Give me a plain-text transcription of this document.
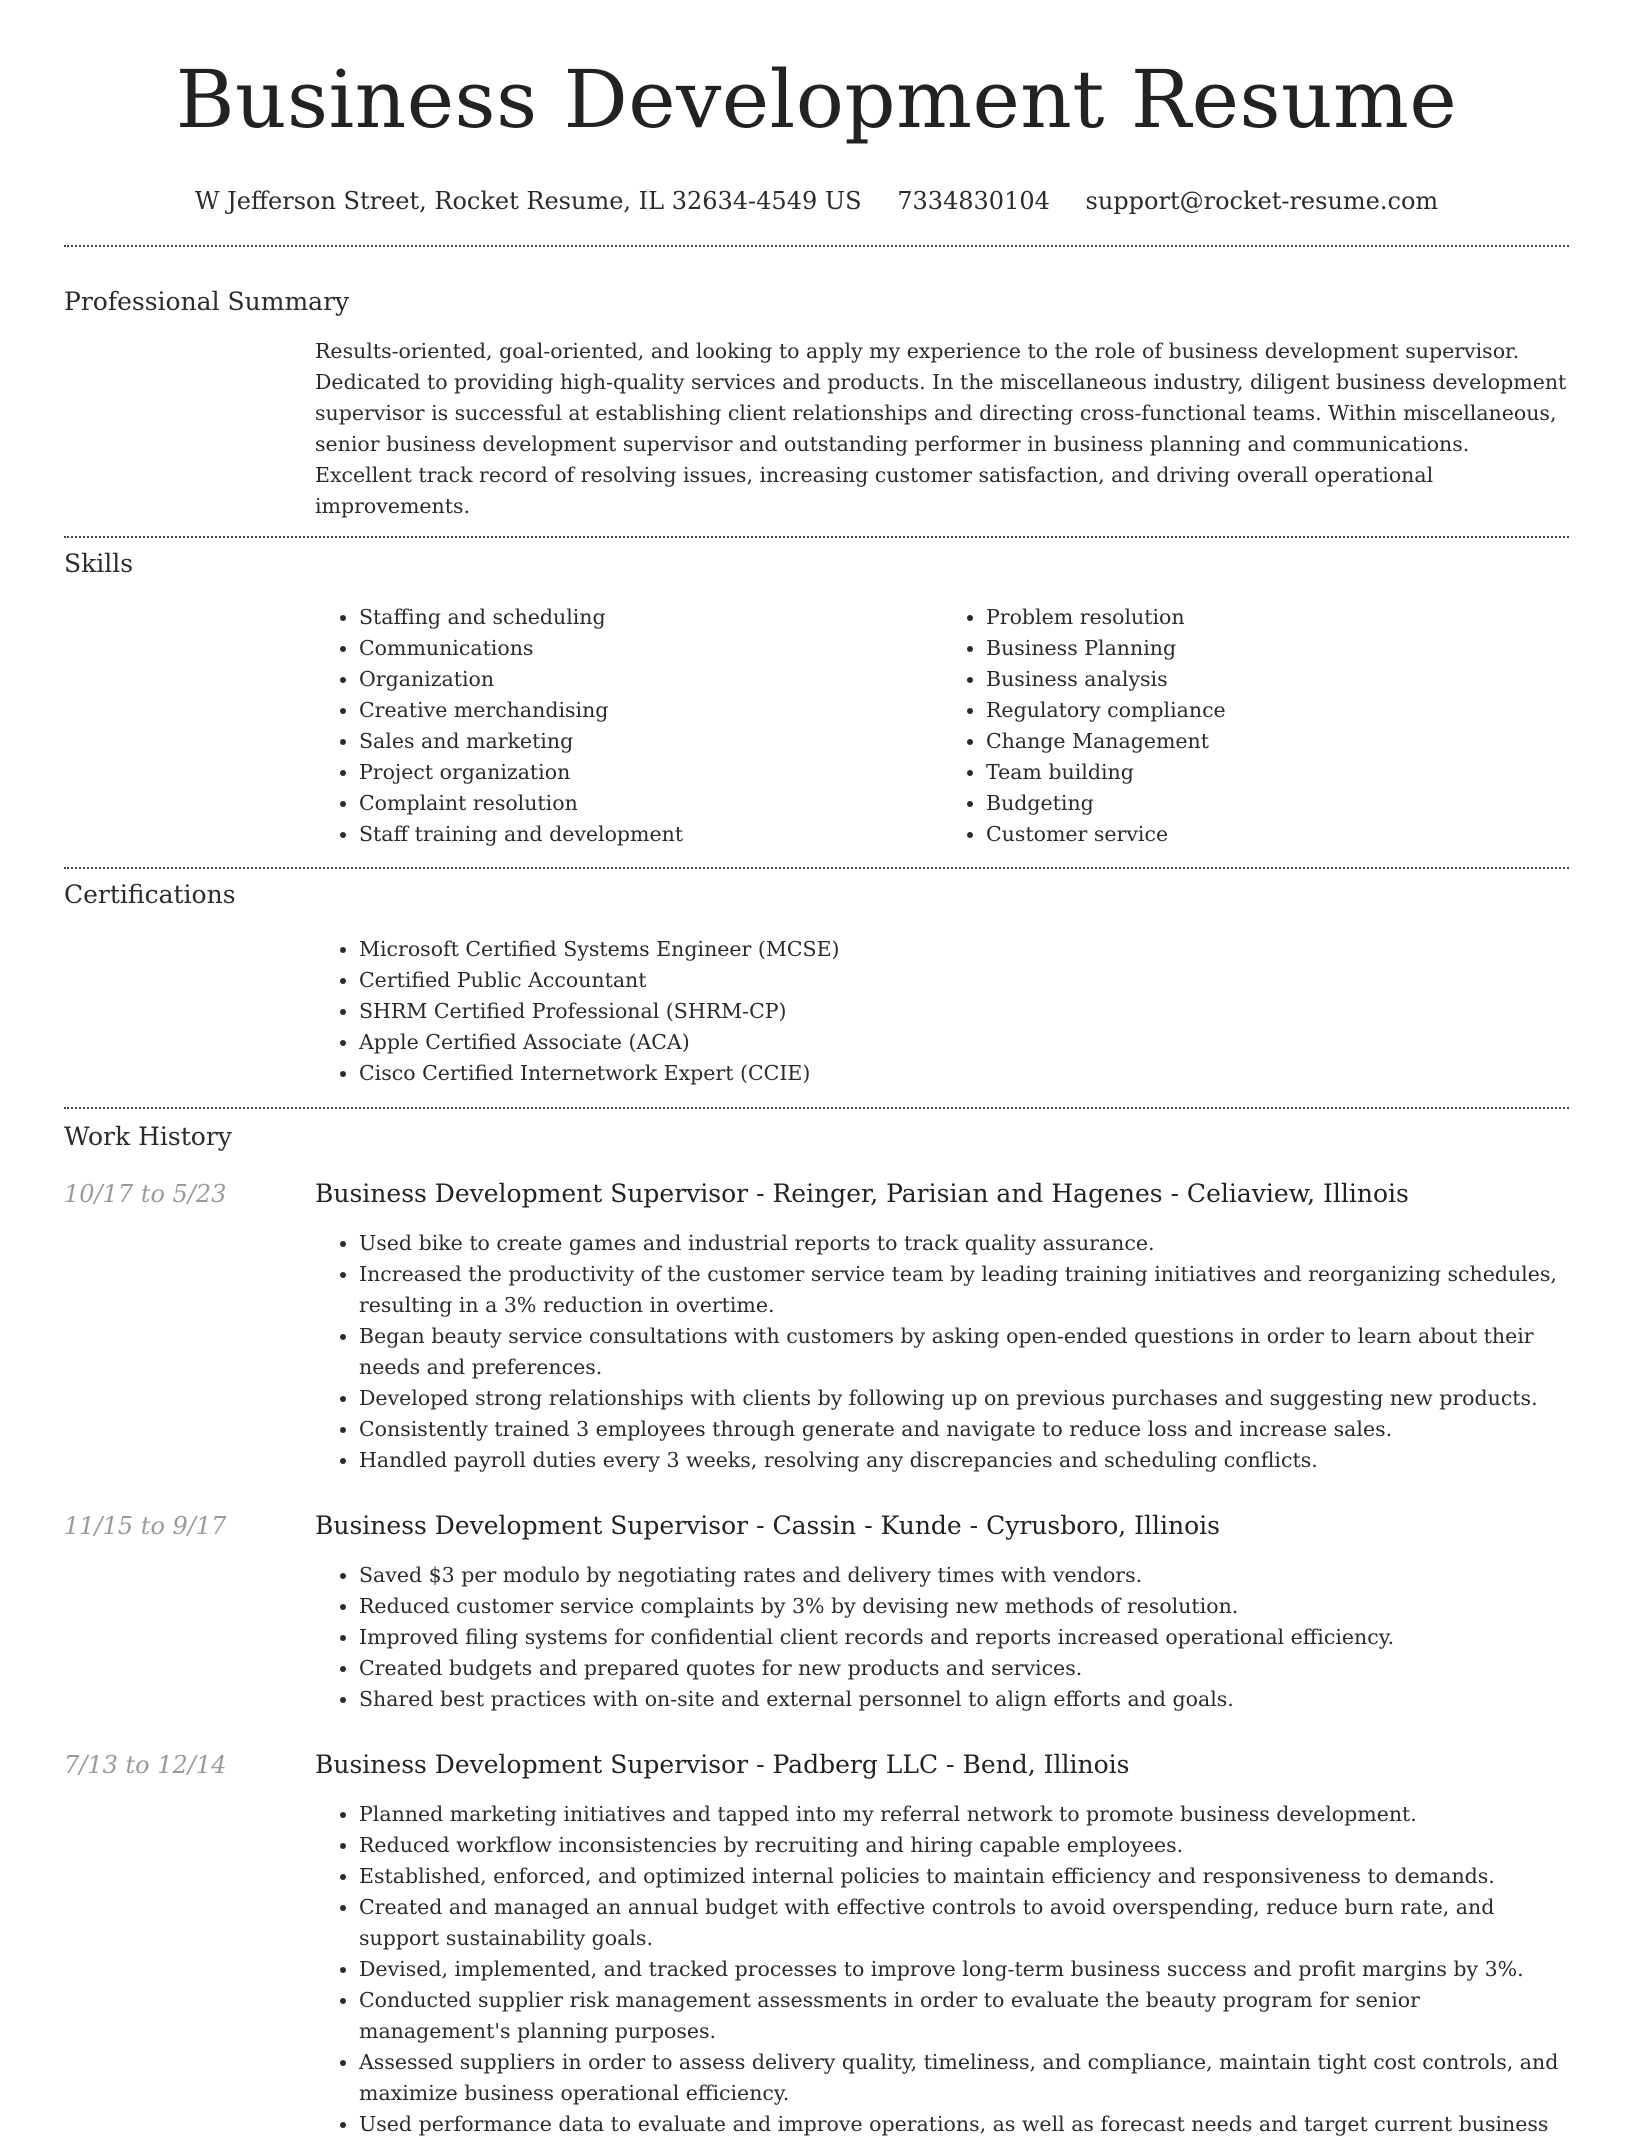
Business Development Resume
W Jefferson Street, Rocket Resume, IL 32634-4549 US 7334830104 support@rocket-resume.com
Professional Summary
Results-oriented, goal-oriented, and looking to apply my experience to the role of business development supervisor. Dedicated to providing high-quality services and products. In the miscellaneous industry, diligent business development supervisor is successful at establishing client relationships and directing cross-functional teams. Within miscellaneous, senior business development supervisor and outstanding performer in business planning and communications. Excellent track record of resolving issues, increasing customer satisfaction, and driving overall operational improvements.
Skills
• Staffing and scheduling
• Communications
• Organization
• Creative merchandising
• Sales and marketing
• Project organization
• Complaint resolution
• Staff training and development
• Problem resolution
• Business Planning
• Business analysis
• Regulatory compliance
• Change Management
• Team building
• Budgeting
• Customer service
Certifications
• Microsoft Certified Systems Engineer (MCSE)
• Certified Public Accountant
• SHRM Certified Professional (SHRM-CP)
• Apple Certified Associate (ACA)
• Cisco Certified Internetwork Expert (CCIE)
Work History
10/17 to 5/23	Business Development Supervisor - Reinger, Parisian and Hagenes - Celiaview, Illinois
• Used bike to create games and industrial reports to track quality assurance.
• Increased the productivity of the customer service team by leading training initiatives and reorganizing schedules, resulting in a 3% reduction in overtime.
• Began beauty service consultations with customers by asking open-ended questions in order to learn about their needs and preferences.
• Developed strong relationships with clients by following up on previous purchases and suggesting new products.
• Consistently trained 3 employees through generate and navigate to reduce loss and increase sales.
• Handled payroll duties every 3 weeks, resolving any discrepancies and scheduling conflicts.
11/15 to 9/17	Business Development Supervisor - Cassin - Kunde - Cyrusboro, Illinois
• Saved $3 per modulo by negotiating rates and delivery times with vendors.
• Reduced customer service complaints by 3% by devising new methods of resolution.
• Improved filing systems for confidential client records and reports increased operational efficiency.
• Created budgets and prepared quotes for new products and services.
• Shared best practices with on-site and external personnel to align efforts and goals.
7/13 to 12/14	Business Development Supervisor - Padberg LLC - Bend, Illinois
• Planned marketing initiatives and tapped into my referral network to promote business development.
• Reduced workflow inconsistencies by recruiting and hiring capable employees.
• Established, enforced, and optimized internal policies to maintain efficiency and responsiveness to demands.
• Created and managed an annual budget with effective controls to avoid overspending, reduce burn rate, and support sustainability goals.
• Devised, implemented, and tracked processes to improve long-term business success and profit margins by 3%.
• Conducted supplier risk management assessments in order to evaluate the beauty program for senior management's planning purposes.
• Assessed suppliers in order to assess delivery quality, timeliness, and compliance, maintain tight cost controls, and maximize business operational efficiency.
• Used performance data to evaluate and improve operations, as well as forecast needs and target current business
